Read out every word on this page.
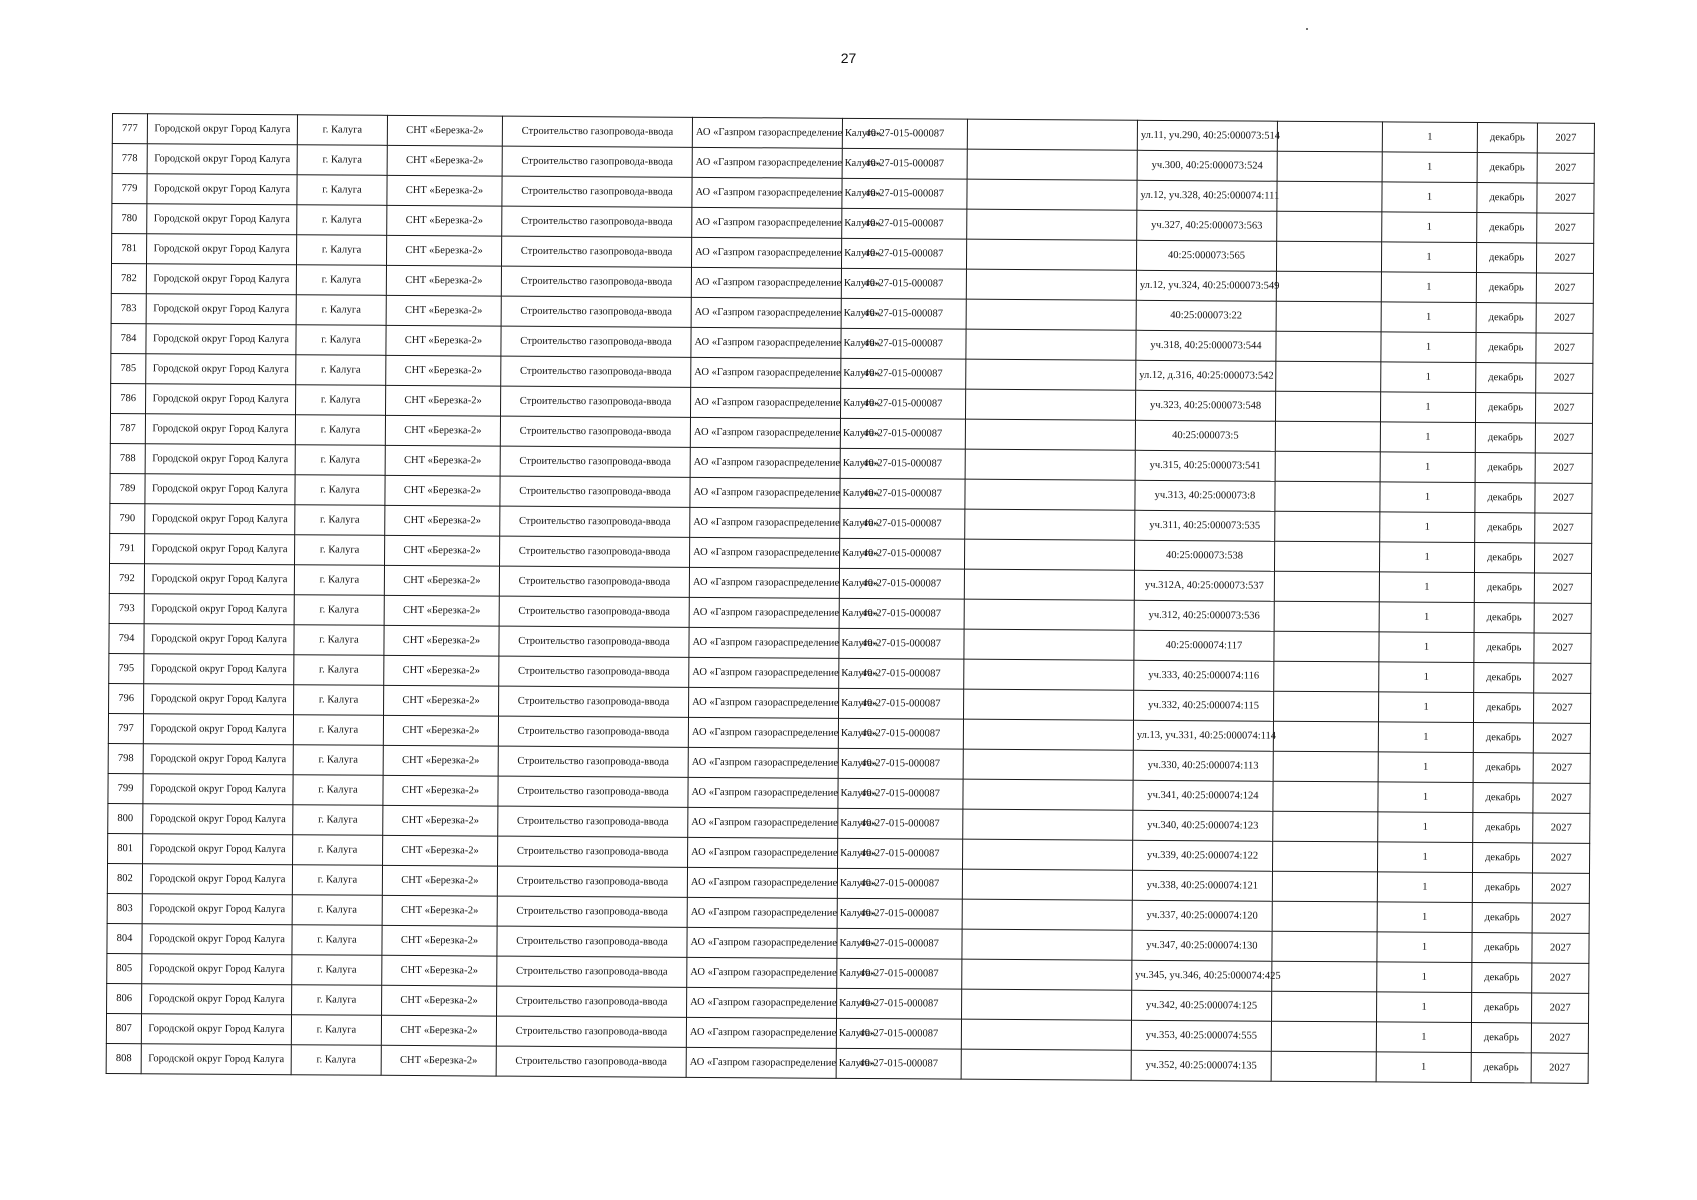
27
777	Городской округ Город Калуга	г. Калуга	СНТ «Березка-2»	Строительство газопровода-ввода	АО «Газпром газораспределение Калуга»	40-27-015-000087		ул.11, уч.290, 40:25:000073:514		1	декабрь	2027
778	Городской округ Город Калуга	г. Калуга	СНТ «Березка-2»	Строительство газопровода-ввода	АО «Газпром газораспределение Калуга»	40-27-015-000087		уч.300, 40:25:000073:524		1	декабрь	2027
779	Городской округ Город Калуга	г. Калуга	СНТ «Березка-2»	Строительство газопровода-ввода	АО «Газпром газораспределение Калуга»	40-27-015-000087		ул.12, уч.328, 40:25:000074:111		1	декабрь	2027
780	Городской округ Город Калуга	г. Калуга	СНТ «Березка-2»	Строительство газопровода-ввода	АО «Газпром газораспределение Калуга»	40-27-015-000087		уч.327, 40:25:000073:563		1	декабрь	2027
781	Городской округ Город Калуга	г. Калуга	СНТ «Березка-2»	Строительство газопровода-ввода	АО «Газпром газораспределение Калуга»	40-27-015-000087		40:25:000073:565		1	декабрь	2027
782	Городской округ Город Калуга	г. Калуга	СНТ «Березка-2»	Строительство газопровода-ввода	АО «Газпром газораспределение Калуга»	40-27-015-000087		ул.12, уч.324, 40:25:000073:549		1	декабрь	2027
783	Городской округ Город Калуга	г. Калуга	СНТ «Березка-2»	Строительство газопровода-ввода	АО «Газпром газораспределение Калуга»	40-27-015-000087		40:25:000073:22		1	декабрь	2027
784	Городской округ Город Калуга	г. Калуга	СНТ «Березка-2»	Строительство газопровода-ввода	АО «Газпром газораспределение Калуга»	40-27-015-000087		уч.318, 40:25:000073:544		1	декабрь	2027
785	Городской округ Город Калуга	г. Калуга	СНТ «Березка-2»	Строительство газопровода-ввода	АО «Газпром газораспределение Калуга»	40-27-015-000087		ул.12, д.316, 40:25:000073:542		1	декабрь	2027
786	Городской округ Город Калуга	г. Калуга	СНТ «Березка-2»	Строительство газопровода-ввода	АО «Газпром газораспределение Калуга»	40-27-015-000087		уч.323, 40:25:000073:548		1	декабрь	2027
787	Городской округ Город Калуга	г. Калуга	СНТ «Березка-2»	Строительство газопровода-ввода	АО «Газпром газораспределение Калуга»	40-27-015-000087		40:25:000073:5		1	декабрь	2027
788	Городской округ Город Калуга	г. Калуга	СНТ «Березка-2»	Строительство газопровода-ввода	АО «Газпром газораспределение Калуга»	40-27-015-000087		уч.315, 40:25:000073:541		1	декабрь	2027
789	Городской округ Город Калуга	г. Калуга	СНТ «Березка-2»	Строительство газопровода-ввода	АО «Газпром газораспределение Калуга»	40-27-015-000087		уч.313, 40:25:000073:8		1	декабрь	2027
790	Городской округ Город Калуга	г. Калуга	СНТ «Березка-2»	Строительство газопровода-ввода	АО «Газпром газораспределение Калуга»	40-27-015-000087		уч.311, 40:25:000073:535		1	декабрь	2027
791	Городской округ Город Калуга	г. Калуга	СНТ «Березка-2»	Строительство газопровода-ввода	АО «Газпром газораспределение Калуга»	40-27-015-000087		40:25:000073:538		1	декабрь	2027
792	Городской округ Город Калуга	г. Калуга	СНТ «Березка-2»	Строительство газопровода-ввода	АО «Газпром газораспределение Калуга»	40-27-015-000087		уч.312А, 40:25:000073:537		1	декабрь	2027
793	Городской округ Город Калуга	г. Калуга	СНТ «Березка-2»	Строительство газопровода-ввода	АО «Газпром газораспределение Калуга»	40-27-015-000087		уч.312, 40:25:000073:536		1	декабрь	2027
794	Городской округ Город Калуга	г. Калуга	СНТ «Березка-2»	Строительство газопровода-ввода	АО «Газпром газораспределение Калуга»	40-27-015-000087		40:25:000074:117		1	декабрь	2027
795	Городской округ Город Калуга	г. Калуга	СНТ «Березка-2»	Строительство газопровода-ввода	АО «Газпром газораспределение Калуга»	40-27-015-000087		уч.333, 40:25:000074:116		1	декабрь	2027
796	Городской округ Город Калуга	г. Калуга	СНТ «Березка-2»	Строительство газопровода-ввода	АО «Газпром газораспределение Калуга»	40-27-015-000087		уч.332, 40:25:000074:115		1	декабрь	2027
797	Городской округ Город Калуга	г. Калуга	СНТ «Березка-2»	Строительство газопровода-ввода	АО «Газпром газораспределение Калуга»	40-27-015-000087		ул.13, уч.331, 40:25:000074:114		1	декабрь	2027
798	Городской округ Город Калуга	г. Калуга	СНТ «Березка-2»	Строительство газопровода-ввода	АО «Газпром газораспределение Калуга»	40-27-015-000087		уч.330, 40:25:000074:113		1	декабрь	2027
799	Городской округ Город Калуга	г. Калуга	СНТ «Березка-2»	Строительство газопровода-ввода	АО «Газпром газораспределение Калуга»	40-27-015-000087		уч.341, 40:25:000074:124		1	декабрь	2027
800	Городской округ Город Калуга	г. Калуга	СНТ «Березка-2»	Строительство газопровода-ввода	АО «Газпром газораспределение Калуга»	40-27-015-000087		уч.340, 40:25:000074:123		1	декабрь	2027
801	Городской округ Город Калуга	г. Калуга	СНТ «Березка-2»	Строительство газопровода-ввода	АО «Газпром газораспределение Калуга»	40-27-015-000087		уч.339, 40:25:000074:122		1	декабрь	2027
802	Городской округ Город Калуга	г. Калуга	СНТ «Березка-2»	Строительство газопровода-ввода	АО «Газпром газораспределение Калуга»	40-27-015-000087		уч.338, 40:25:000074:121		1	декабрь	2027
803	Городской округ Город Калуга	г. Калуга	СНТ «Березка-2»	Строительство газопровода-ввода	АО «Газпром газораспределение Калуга»	40-27-015-000087		уч.337, 40:25:000074:120		1	декабрь	2027
804	Городской округ Город Калуга	г. Калуга	СНТ «Березка-2»	Строительство газопровода-ввода	АО «Газпром газораспределение Калуга»	40-27-015-000087		уч.347, 40:25:000074:130		1	декабрь	2027
805	Городской округ Город Калуга	г. Калуга	СНТ «Березка-2»	Строительство газопровода-ввода	АО «Газпром газораспределение Калуга»	40-27-015-000087		уч.345, уч.346, 40:25:000074:425		1	декабрь	2027
806	Городской округ Город Калуга	г. Калуга	СНТ «Березка-2»	Строительство газопровода-ввода	АО «Газпром газораспределение Калуга»	40-27-015-000087		уч.342, 40:25:000074:125		1	декабрь	2027
807	Городской округ Город Калуга	г. Калуга	СНТ «Березка-2»	Строительство газопровода-ввода	АО «Газпром газораспределение Калуга»	40-27-015-000087		уч.353, 40:25:000074:555		1	декабрь	2027
808	Городской округ Город Калуга	г. Калуга	СНТ «Березка-2»	Строительство газопровода-ввода	АО «Газпром газораспределение Калуга»	40-27-015-000087		уч.352, 40:25:000074:135		1	декабрь	2027
